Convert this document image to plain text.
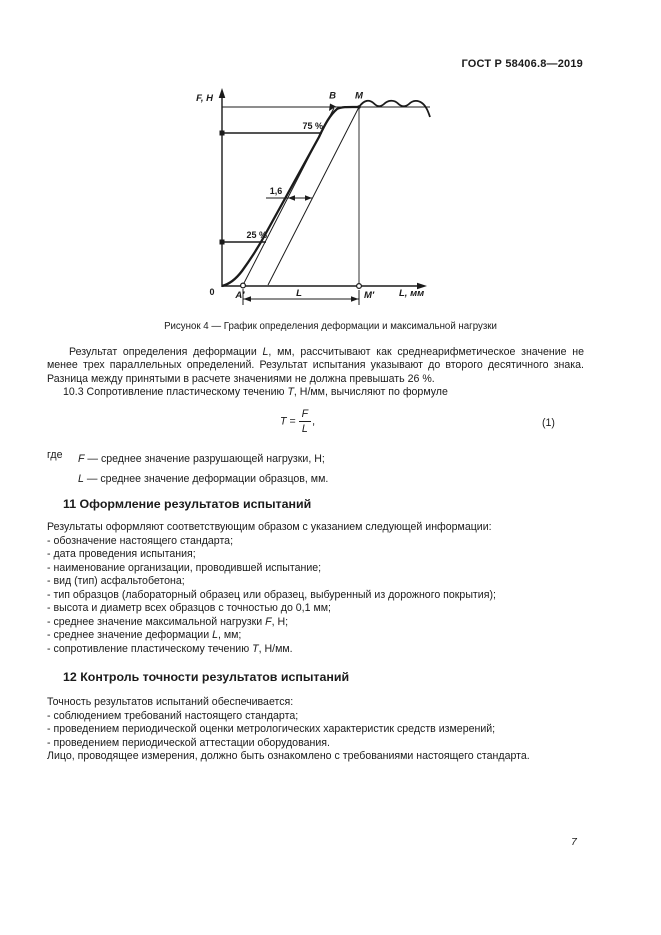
ГОСТ Р 58406.8—2019
F, Н
L, мм
0
75 %
25 %
B M
A′	M′
1,6
L
Рисунок 4 — График определения деформации и максимальной нагрузки
Результат определения деформации L, мм, рассчитывают как среднеарифметическое значение не менее трех параллельных определений. Результат испытания указывают до второго десятичного знака. Разница между принятыми в расчете значениями не должна превышать 26 %.
10.3 Сопротивление пластическому течению T, Н/мм, вычисляют по формуле
$T = \frac{F}{L}$ ,	(1)
где F — среднее значение разрушающей нагрузки, Н;
L — среднее значение деформации образцов, мм.
11 Оформление результатов испытаний
Результаты оформляют соответствующим образом с указанием следующей информации:
- обозначение настоящего стандарта;
- дата проведения испытания;
- наименование организации, проводившей испытание;
- вид (тип) асфальтобетона;
- тип образцов (лабораторный образец или образец, выбуренный из дорожного покрытия);
- высота и диаметр всех образцов с точностью до 0,1 мм;
- среднее значение максимальной нагрузки F, Н;
- среднее значение деформации L, мм;
- сопротивление пластическому течению T, Н/мм.
12 Контроль точности результатов испытаний
Точность результатов испытаний обеспечивается:
- соблюдением требований настоящего стандарта;
- проведением периодической оценки метрологических характеристик средств измерений;
- проведением периодической аттестации оборудования.
Лицо, проводящее измерения, должно быть ознакомлено с требованиями настоящего стандарта.
7
